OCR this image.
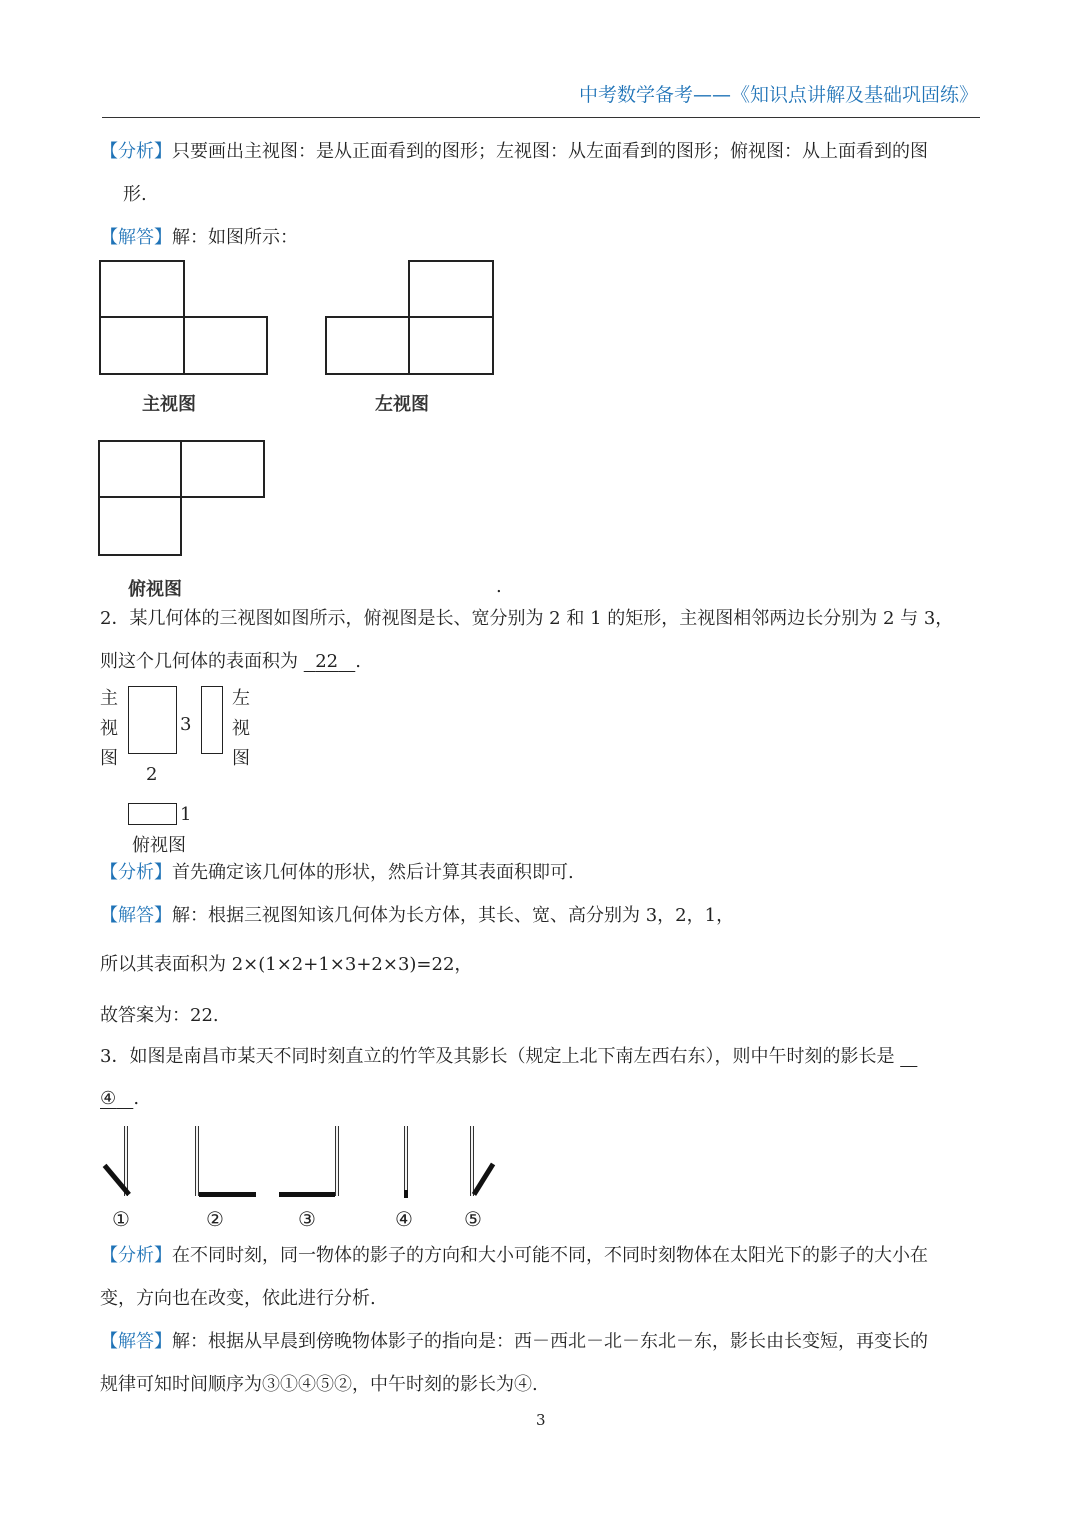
中考数学备考——《知识点讲解及基础巩固练》
【分析】只要画出主视图：是从正面看到的图形；左视图：从左面看到的图形；俯视图：从上面看到的图
形.
【解答】解：如图所示：
主视图	左视图
俯视图	.
2．某几何体的三视图如图所示，俯视图是长、宽分别为 2 和 1 的矩形，主视图相邻两边长分别为 2 与 3，
则这个几何体的表面积为 22 .
主
视
图
3
左
视
图
2
1
俯视图
【分析】首先确定该几何体的形状，然后计算其表面积即可.
【解答】解：根据三视图知该几何体为长方体，其长、宽、高分别为 3，2，1，
所以其表面积为 2×(1×2+1×3+2×3)=22，
故答案为：22.
3．如图是南昌市某天不同时刻直立的竹竿及其影长（规定上北下南左西右东），则中午时刻的影长是
④ .
①	②	③	④	⑤
【分析】在不同时刻，同一物体的影子的方向和大小可能不同，不同时刻物体在太阳光下的影子的大小在
变，方向也在改变，依此进行分析.
【解答】解：根据从早晨到傍晚物体影子的指向是：西－西北－北－东北－东，影长由长变短，再变长的
规律可知时间顺序为③①④⑤②，中午时刻的影长为④.
3
